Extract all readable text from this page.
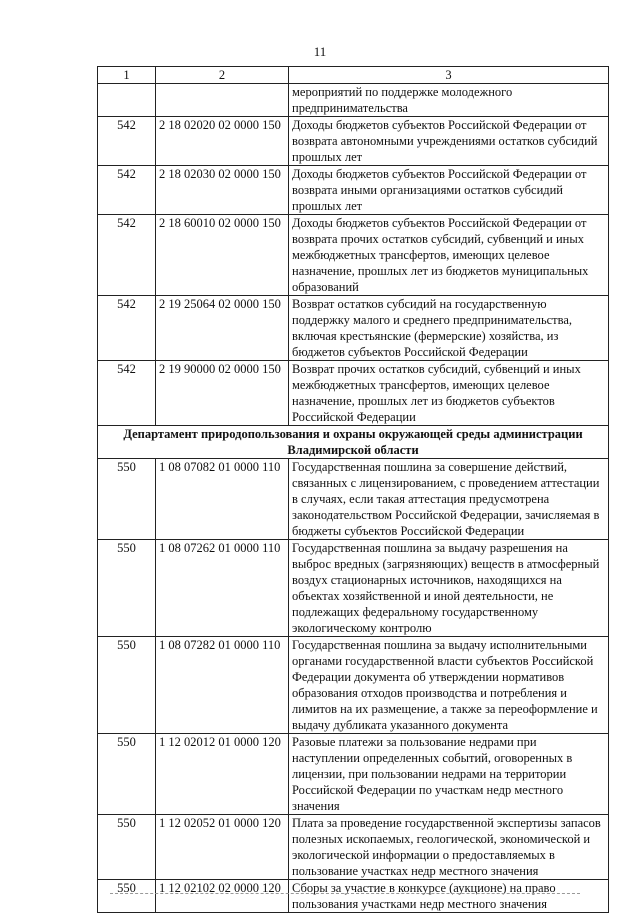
11
1	2	3
		мероприятий по поддержке молодежного предпринимательства
542	2 18 02020 02 0000 150	Доходы бюджетов субъектов Российской Федерации от возврата автономными учреждениями остатков субсидий прошлых лет
542	2 18 02030 02 0000 150	Доходы бюджетов субъектов Российской Федерации от возврата иными организациями остатков субсидий прошлых лет
542	2 18 60010 02 0000 150	Доходы бюджетов субъектов Российской Федерации от возврата прочих остатков субсидий, субвенций и иных межбюджетных трансфертов, имеющих целевое назначение, прошлых лет из бюджетов муниципальных образований
542	2 19 25064 02 0000 150	Возврат остатков субсидий на государственную поддержку малого и среднего предпринимательства, включая крестьянские (фермерские) хозяйства, из бюджетов субъектов Российской Федерации
542	2 19 90000 02 0000 150	Возврат прочих остатков субсидий, субвенций и иных межбюджетных трансфертов, имеющих целевое назначение, прошлых лет из бюджетов субъектов Российской Федерации
Департамент природопользования и охраны окружающей среды администрации Владимирской области		
550	1 08 07082 01 0000 110	Государственная пошлина за совершение действий, связанных с лицензированием, с проведением аттестации в случаях, если такая аттестация предусмотрена законодательством Российской Федерации, зачисляемая в бюджеты субъектов Российской Федерации
550	1 08 07262 01 0000 110	Государственная пошлина за выдачу разрешения на выброс вредных (загрязняющих) веществ в атмосферный воздух стационарных источников, находящихся на объектах хозяйственной и иной деятельности, не подлежащих федеральному государственному экологическому контролю
550	1 08 07282 01 0000 110	Государственная пошлина за выдачу исполнительными органами государственной власти субъектов Российской Федерации документа об утверждении нормативов образования отходов производства и потребления и лимитов на их размещение, а также за переоформление и выдачу дубликата указанного документа
550	1 12 02012 01 0000 120	Разовые платежи за пользование недрами при наступлении определенных событий, оговоренных в лицензии, при пользовании недрами на территории Российской Федерации по участкам недр местного значения
550	1 12 02052 01 0000 120	Плата за проведение государственной экспертизы запасов полезных ископаемых, геологической, экономической и экологической информации о предоставляемых в пользование участках недр местного значения
550	1 12 02102 02 0000 120	Сборы за участие в конкурсе (аукционе) на право пользования участками недр местного значения
